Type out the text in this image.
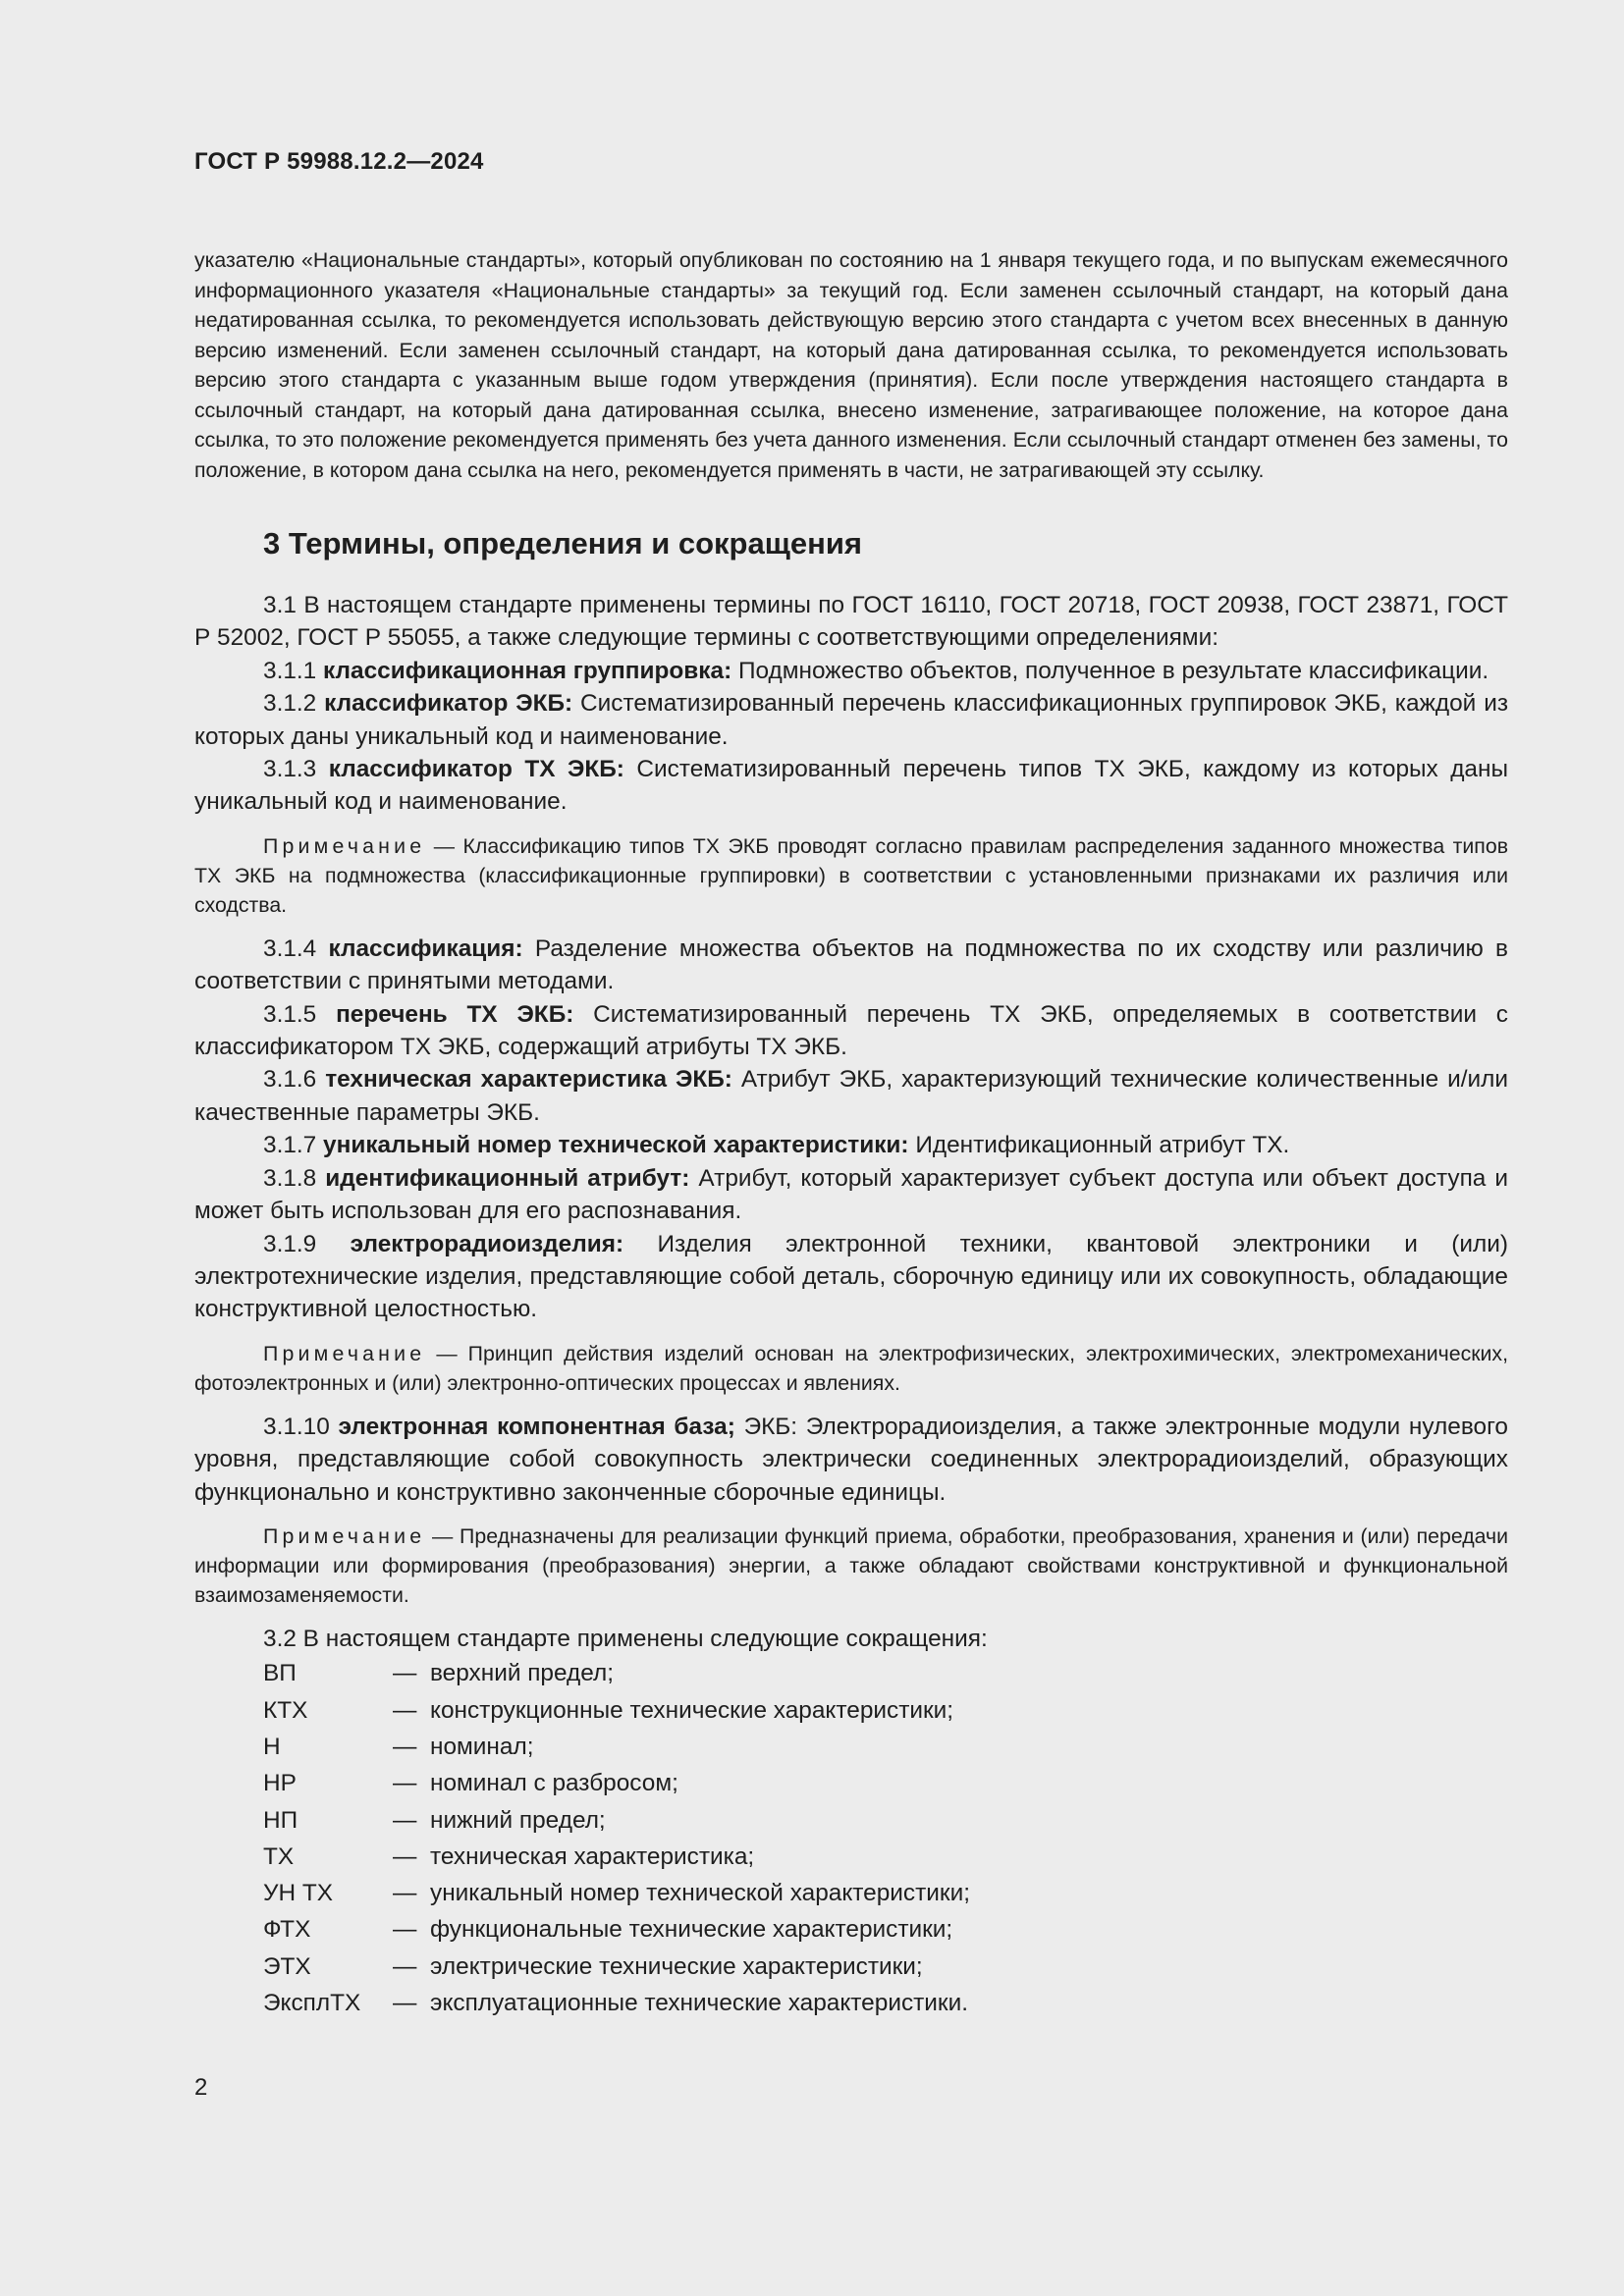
ГОСТ Р 59988.12.2—2024

указателю «Национальные стандарты», который опубликован по состоянию на 1 января текущего года, и по выпускам ежемесячного информационного указателя «Национальные стандарты» за текущий год. Если заменен ссылочный стандарт, на который дана недатированная ссылка, то рекомендуется использовать действующую версию этого стандарта с учетом всех внесенных в данную версию изменений. Если заменен ссылочный стандарт, на который дана датированная ссылка, то рекомендуется использовать версию этого стандарта с указанным выше годом утверждения (принятия). Если после утверждения настоящего стандарта в ссылочный стандарт, на который дана датированная ссылка, внесено изменение, затрагивающее положение, на которое дана ссылка, то это положение рекомендуется применять без учета данного изменения. Если ссылочный стандарт отменен без замены, то положение, в котором дана ссылка на него, рекомендуется применять в части, не затрагивающей эту ссылку.

3 Термины, определения и сокращения

3.1 В настоящем стандарте применены термины по ГОСТ 16110, ГОСТ 20718, ГОСТ 20938, ГОСТ 23871, ГОСТ Р 52002, ГОСТ Р 55055, а также следующие термины с соответствующими определениями:

3.1.1 классификационная группировка: Подмножество объектов, полученное в результате классификации.

3.1.2 классификатор ЭКБ: Систематизированный перечень классификационных группировок ЭКБ, каждой из которых даны уникальный код и наименование.

3.1.3 классификатор ТХ ЭКБ: Систематизированный перечень типов ТХ ЭКБ, каждому из которых даны уникальный код и наименование.

Примечание — Классификацию типов ТХ ЭКБ проводят согласно правилам распределения заданного множества типов ТХ ЭКБ на подмножества (классификационные группировки) в соответствии с установленными признаками их различия или сходства.

3.1.4 классификация: Разделение множества объектов на подмножества по их сходству или различию в соответствии с принятыми методами.

3.1.5 перечень ТХ ЭКБ: Систематизированный перечень ТХ ЭКБ, определяемых в соответствии с классификатором ТХ ЭКБ, содержащий атрибуты ТХ ЭКБ.

3.1.6 техническая характеристика ЭКБ: Атрибут ЭКБ, характеризующий технические количественные и/или качественные параметры ЭКБ.

3.1.7 уникальный номер технической характеристики: Идентификационный атрибут ТХ.

3.1.8 идентификационный атрибут: Атрибут, который характеризует субъект доступа или объект доступа и может быть использован для его распознавания.

3.1.9 электрорадиоизделия: Изделия электронной техники, квантовой электроники и (или) электротехнические изделия, представляющие собой деталь, сборочную единицу или их совокупность, обладающие конструктивной целостностью.

Примечание — Принцип действия изделий основан на электрофизических, электрохимических, электромеханических, фотоэлектронных и (или) электронно-оптических процессах и явлениях.

3.1.10 электронная компонентная база; ЭКБ: Электрорадиоизделия, а также электронные модули нулевого уровня, представляющие собой совокупность электрически соединенных электрорадиоизделий, образующих функционально и конструктивно законченные сборочные единицы.

Примечание — Предназначены для реализации функций приема, обработки, преобразования, хранения и (или) передачи информации или формирования (преобразования) энергии, а также обладают свойствами конструктивной и функциональной взаимозаменяемости.

3.2 В настоящем стандарте применены следующие сокращения:

ВП	— верхний предел;
КТХ	— конструкционные технические характеристики;
Н	— номинал;
НР	— номинал с разбросом;
НП	— нижний предел;
ТХ	— техническая характеристика;
УН ТХ	— уникальный номер технической характеристики;
ФТХ	— функциональные технические характеристики;
ЭТХ	— электрические технические характеристики;
ЭксплТХ	— эксплуатационные технические характеристики.
2
